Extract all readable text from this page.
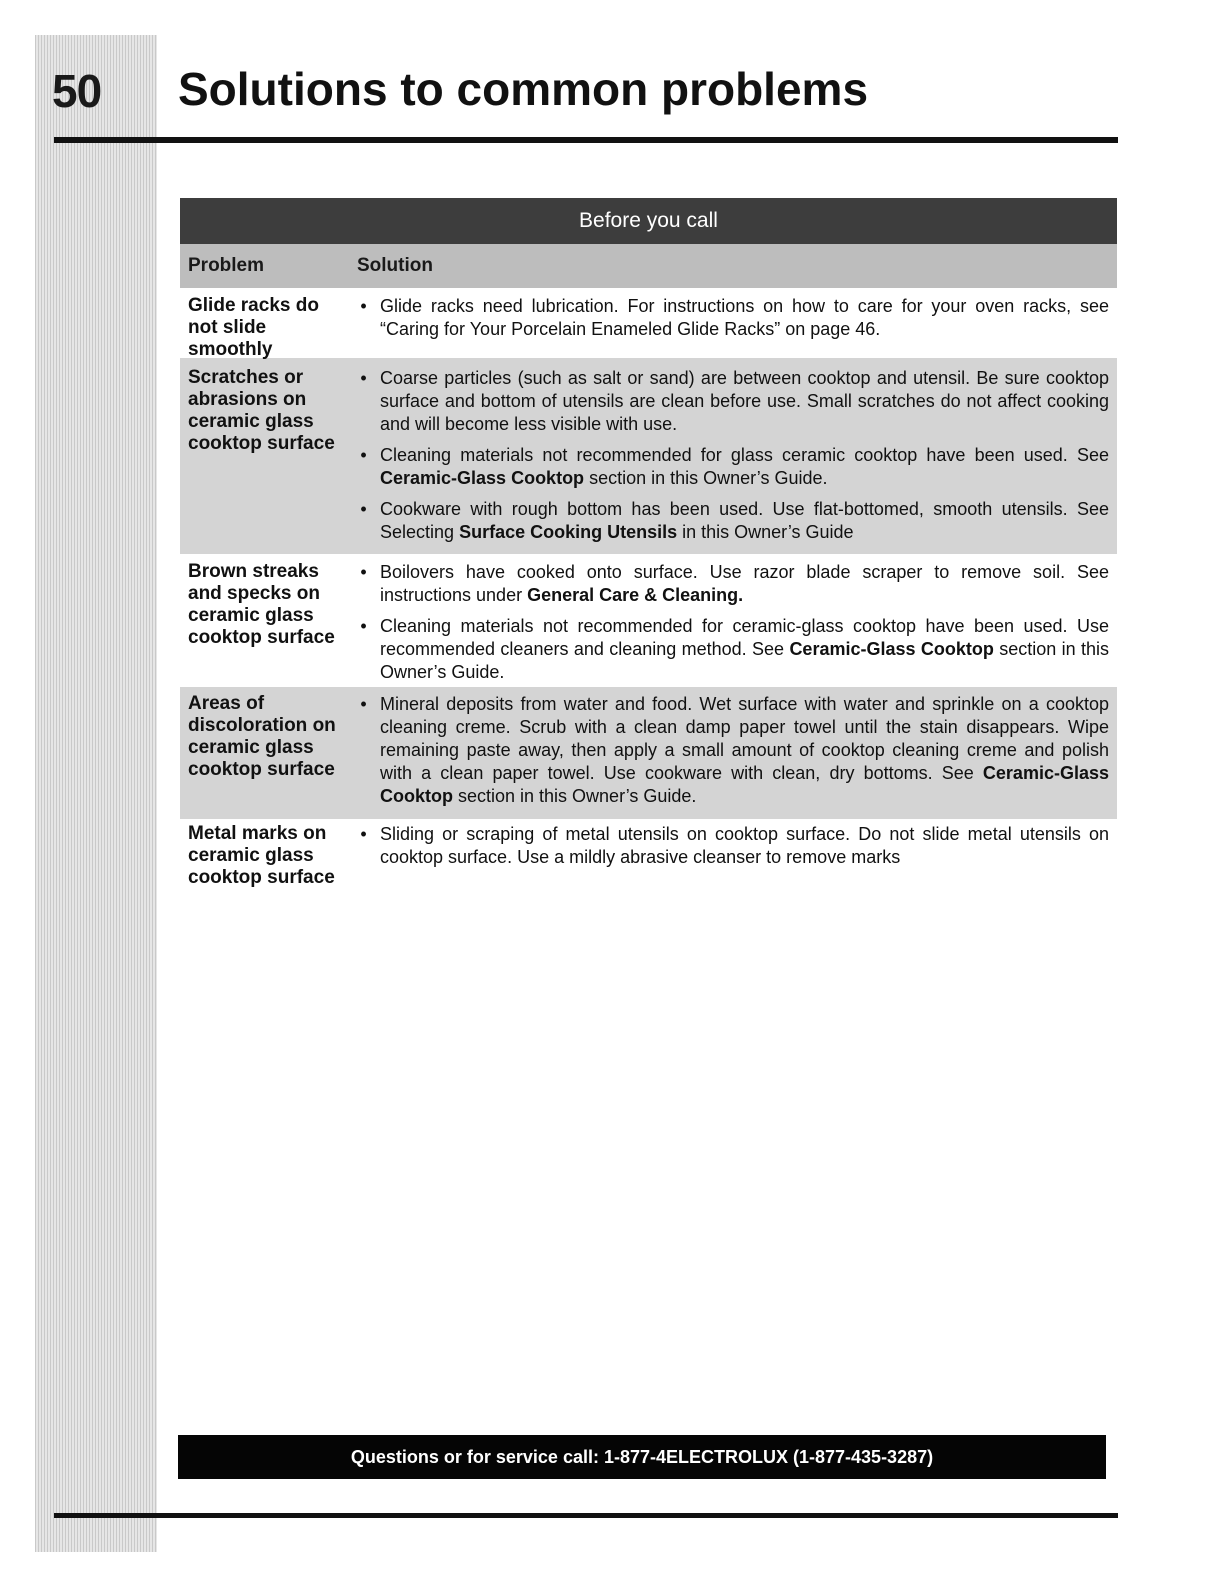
50 Solutions to common problems
Before you call
Problem	Solution
Glide racks do not slide smoothly
• Glide racks need lubrication. For instructions on how to care for your oven racks, see “Caring for Your Porcelain Enameled Glide Racks” on page 46.
Scratches or abrasions on ceramic glass cooktop surface
• Coarse particles (such as salt or sand) are between cooktop and utensil. Be sure cooktop surface and bottom of utensils are clean before use. Small scratches do not affect cooking and will become less visible with use.
• Cleaning materials not recommended for glass ceramic cooktop have been used. See Ceramic-Glass Cooktop section in this Owner’s Guide.
• Cookware with rough bottom has been used. Use flat-bottomed, smooth utensils. See Selecting Surface Cooking Utensils in this Owner’s Guide
Brown streaks and specks on ceramic glass cooktop surface
• Boilovers have cooked onto surface. Use razor blade scraper to remove soil. See instructions under General Care & Cleaning.
• Cleaning materials not recommended for ceramic-glass cooktop have been used. Use recommended cleaners and cleaning method. See Ceramic-Glass Cooktop section in this Owner’s Guide.
Areas of discoloration on ceramic glass cooktop surface
• Mineral deposits from water and food. Wet surface with water and sprinkle on a cooktop cleaning creme. Scrub with a clean damp paper towel until the stain disappears. Wipe remaining paste away, then apply a small amount of cooktop cleaning creme and polish with a clean paper towel. Use cookware with clean, dry bottoms. See Ceramic-Glass Cooktop section in this Owner’s Guide.
Metal marks on ceramic glass cooktop surface
• Sliding or scraping of metal utensils on cooktop surface. Do not slide metal utensils on cooktop surface. Use a mildly abrasive cleanser to remove marks
Questions or for service call: 1-877-4ELECTROLUX (1-877-435-3287)
